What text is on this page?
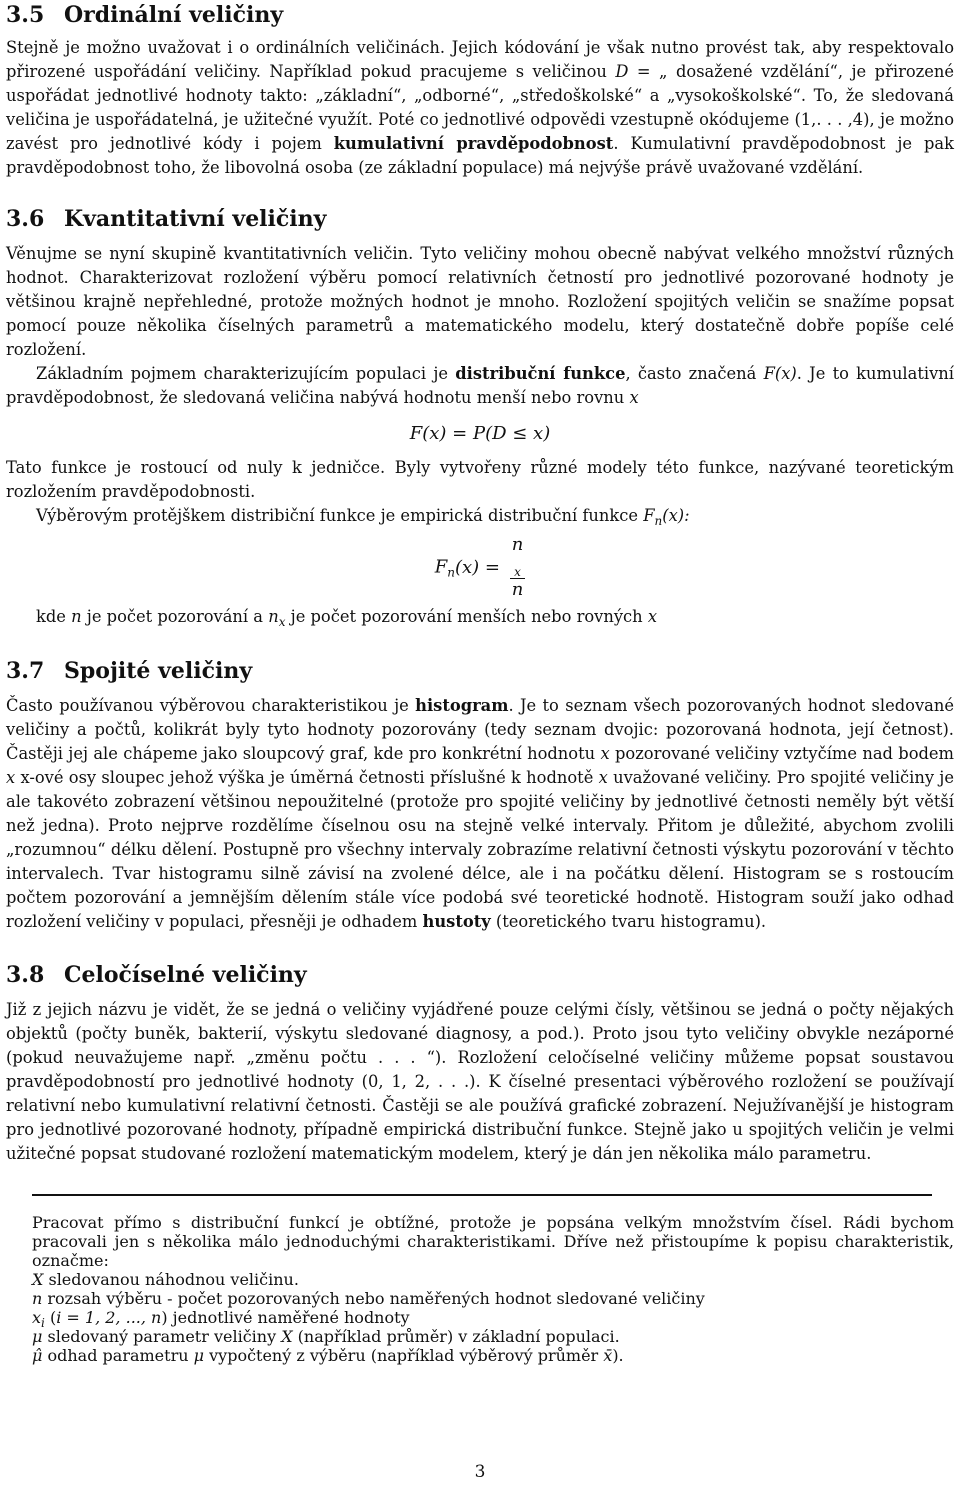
3.5 Ordinální veličiny

Stejně je možno uvažovat i o ordinálních veličinách. Jejich kódování je však nutno provést tak, aby respektovalo přirozené uspořádání veličiny. Například pokud pracujeme s veličinou D = „ dosažené vzdělání“, je přirozené uspořádat jednotlivé hodnoty takto: „základní“, „odborné“, „středoškolské“ a „vysokoškolské“. To, že sledovaná veličina je uspořádatelná, je užitečné využít. Poté co jednotlivé odpovědi vzestupně okódujeme (1,. . . ,4), je možno zavést pro jednotlivé kódy i pojem kumulativní pravděpodobnost. Kumulativní pravděpodobnost je pak pravděpodobnost toho, že libovolná osoba (ze základní populace) má nejvýše právě uvažované vzdělání.

3.6 Kvantitativní veličiny

Věnujme se nyní skupině kvantitativních veličin. Tyto veličiny mohou obecně nabývat velkého množství různých hodnot. Charakterizovat rozložení výběru pomocí relativních četností pro jednotlivé pozorované hodnoty je většinou krajně nepřehledné, protože možných hodnot je mnoho. Rozložení spojitých veličin se snažíme popsat pomocí pouze několika číselných parametrů a matematického modelu, který dostatečně dobře popíše celé rozložení.

Základním pojmem charakterizujícím populaci je distribuční funkce, často značená F(x). Je to kumulativní pravděpodobnost, že sledovaná veličina nabývá hodnotu menší nebo rovnu x

F(x) = P(D ≤ x)

Tato funkce je rostoucí od nuly k jedničce. Byly vytvořeny různé modely této funkce, nazývané teoretickým rozložením pravděpodobnosti.

Výběrovým protějškem distribiční funkce je empirická distribuční funkce $F_n(x)$:

$F_n(x) = n$
$_x$
n

kde n je počet pozorování a $n_x$ je počet pozorování menších nebo rovných x

3.7 Spojité veličiny

Často používanou výběrovou charakteristikou je histogram. Je to seznam všech pozorovaných hodnot sledované veličiny a počtů, kolikrát byly tyto hodnoty pozorovány (tedy seznam dvojic: pozorovaná hodnota, její četnost). Častěji jej ale chápeme jako sloupcový graf, kde pro konkrétní hodnotu x pozorované veličiny vztyčíme nad bodem x x-ové osy sloupec jehož výška je úměrná četnosti příslušné k hodnotě x uvažované veličiny. Pro spojité veličiny je ale takovéto zobrazení většinou nepoužitelné (protože pro spojité veličiny by jednotlivé četnosti neměly být větší než jedna). Proto nejprve rozdělíme číselnou osu na stejně velké intervaly. Přitom je důležité, abychom zvolili „rozumnou“ délku dělení. Postupně pro všechny intervaly zobrazíme relativní četnosti výskytu pozorování v těchto intervalech. Tvar histogramu silně závisí na zvolené délce, ale i na počátku dělení. Histogram se s rostoucím počtem pozorování a jemnějším dělením stále více podobá své teoretické hodnotě. Histogram souží jako odhad rozložení veličiny v populaci, přesněji je odhadem hustoty (teoretického tvaru histogramu).

3.8 Celočíselné veličiny

Již z jejich názvu je vidět, že se jedná o veličiny vyjádřené pouze celými čísly, většinou se jedná o počty nějakých objektů (počty buněk, bakterií, výskytu sledované diagnosy, a pod.). Proto jsou tyto veličiny obvykle nezáporné (pokud neuvažujeme např. „změnu počtu . . . “). Rozložení celočíselné veličiny můžeme popsat soustavou pravděpodobností pro jednotlivé hodnoty (0, 1, 2, . . .). K číselné presentaci výběrového rozložení se používají relativní nebo kumulativní relativní četnosti. Častěji se ale používá grafické zobrazení. Nejužívanější je histogram pro jednotlivé pozorované hodnoty, případně empirická distribuční funkce. Stejně jako u spojitých veličin je velmi užitečné popsat studované rozložení matematickým modelem, který je dán jen několika málo parametru.

Pracovat přímo s distribuční funkcí je obtížné, protože je popsána velkým množstvím čísel. Rádi bychom pracovali jen s několika málo jednoduchými charakteristikami. Dříve než přistoupíme k popisu charakteristik, označme:

X sledovanou náhodnou veličinu.
n rozsah výběru - počet pozorovaných nebo naměřených hodnot sledované veličiny
$x_i$ (i = 1, 2, ..., n) jednotlivé naměřené hodnoty
μ sledovaný parametr veličiny X (například průměr) v základní populaci.
μ̂ odhad parametru μ vypočtený z výběru (například výběrový průměr x̄).
3
